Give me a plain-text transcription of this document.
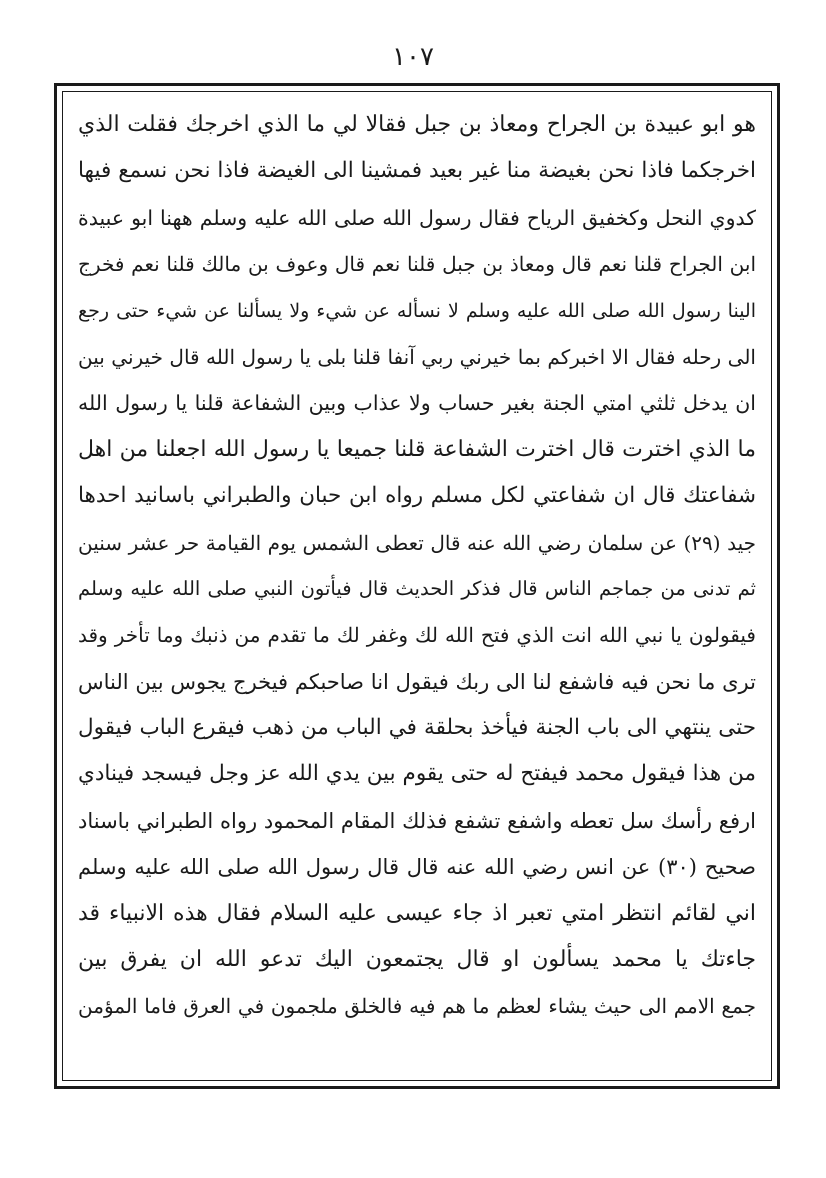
١٠٧
هو ابو عبيدة بن الجراح ومعاذ بن جبل فقالا لي ما الذي اخرجك فقلت الذي
اخرجكما فاذا نحن بغيضة منا غير بعيد فمشينا الى الغيضة فاذا نحن نسمع فيها
كدوي النحل وكخفيق الرياح فقال رسول الله صلى الله عليه وسلم ههنا ابو عبيدة
ابن الجراح قلنا نعم قال ومعاذ بن جبل قلنا نعم قال وعوف بن مالك قلنا نعم فخرج
الينا رسول الله صلى الله عليه وسلم لا نسأله عن شيء ولا يسألنا عن شيء حتى رجع
الى رحله فقال الا اخبركم بما خيرني ربي آنفا قلنا بلى يا رسول الله قال خيرني بين
ان يدخل ثلثي امتي الجنة بغير حساب ولا عذاب وبين الشفاعة قلنا يا رسول الله
ما الذي اخترت قال اخترت الشفاعة قلنا جميعا يا رسول الله اجعلنا من اهل
شفاعتك قال ان شفاعتي لكل مسلم رواه ابن حبان والطبراني باسانيد احدها
جيد (٢٩) عن سلمان رضي الله عنه قال تعطى الشمس يوم القيامة حر عشر سنين
ثم تدنى من جماجم الناس قال فذكر الحديث قال فيأتون النبي صلى الله عليه وسلم
فيقولون يا نبي الله انت الذي فتح الله لك وغفر لك ما تقدم من ذنبك وما تأخر وقد
ترى ما نحن فيه فاشفع لنا الى ربك فيقول انا صاحبكم فيخرج يجوس بين الناس
حتى ينتهي الى باب الجنة فيأخذ بحلقة في الباب من ذهب فيقرع الباب فيقول
من هذا فيقول محمد فيفتح له حتى يقوم بين يدي الله عز وجل فيسجد فينادي
ارفع رأسك سل تعطه واشفع تشفع فذلك المقام المحمود رواه الطبراني باسناد
صحيح (٣٠) عن انس رضي الله عنه قال قال رسول الله صلى الله عليه وسلم
اني لقائم انتظر امتي تعبر اذ جاء عيسى عليه السلام فقال هذه الانبياء قد
جاءتك يا محمد يسألون او قال يجتمعون اليك تدعو الله ان يفرق بين
جمع الامم الى حيث يشاء لعظم ما هم فيه فالخلق ملجمون في العرق فاما المؤمن
